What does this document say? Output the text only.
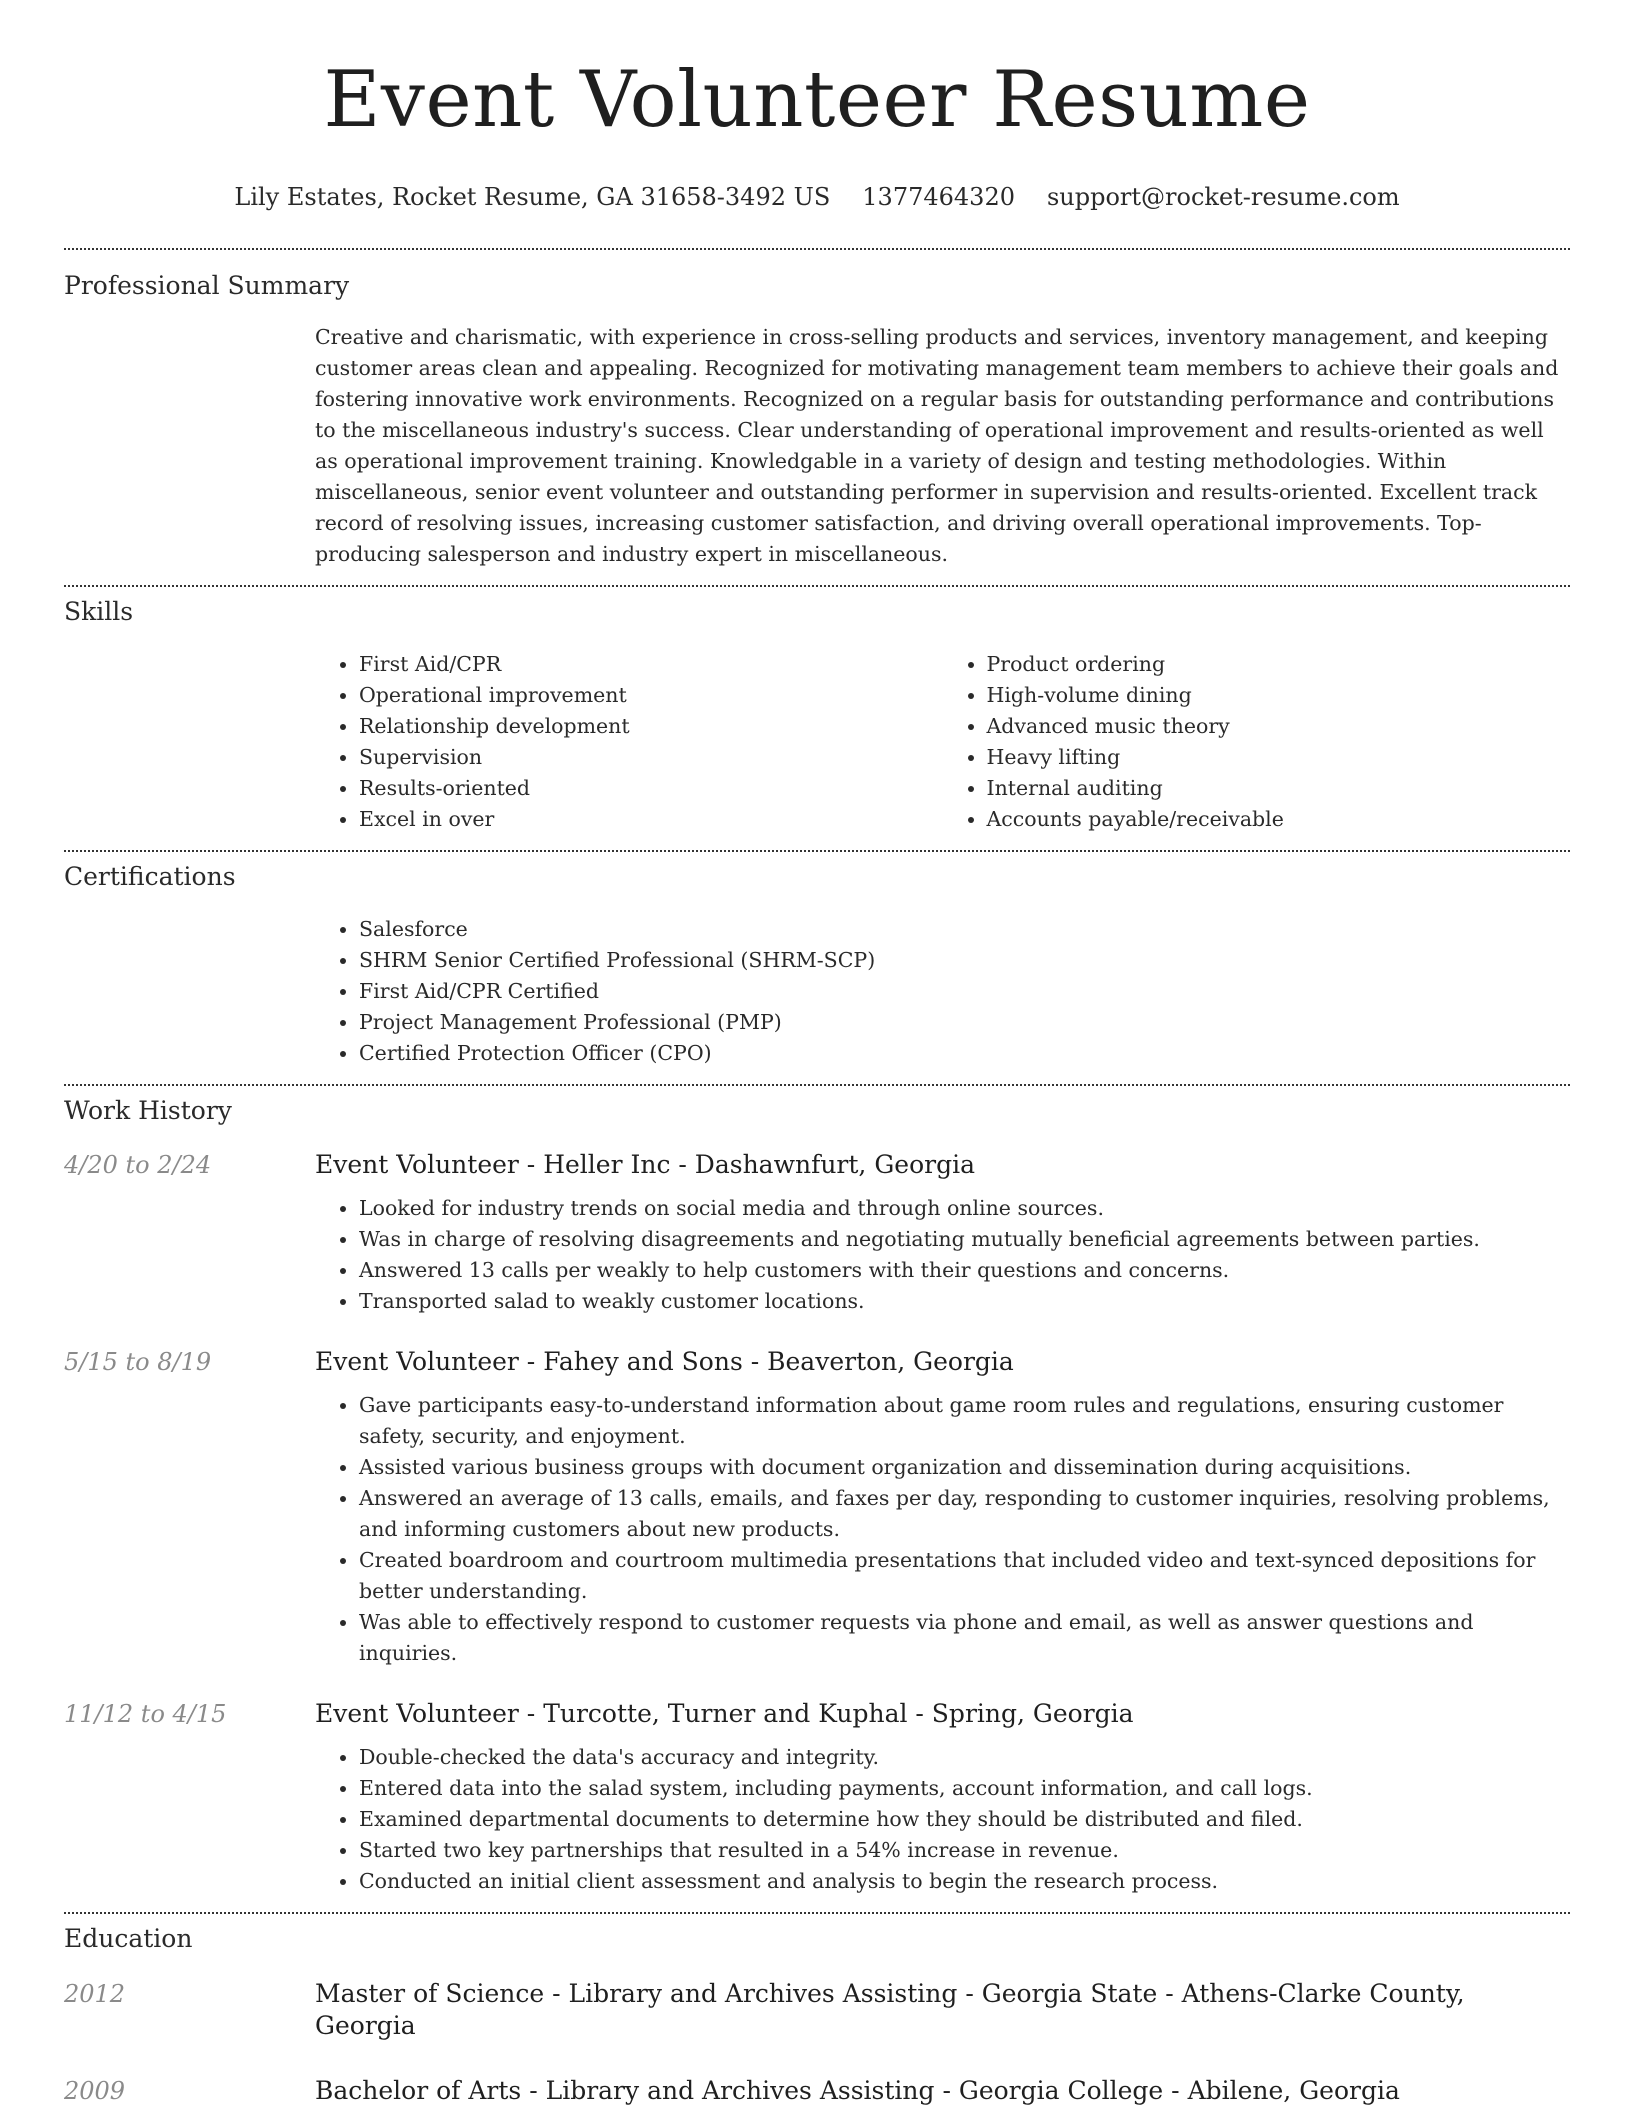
Event Volunteer Resume
Lily Estates, Rocket Resume, GA 31658-3492 US 1377464320 support@rocket-resume.com
Professional Summary

Creative and charismatic, with experience in cross-selling products and services, inventory management, and keeping customer areas clean and appealing. Recognized for motivating management team members to achieve their goals and fostering innovative work environments. Recognized on a regular basis for outstanding performance and contributions to the miscellaneous industry's success. Clear understanding of operational improvement and results-oriented as well as operational improvement training. Knowledgable in a variety of design and testing methodologies. Within miscellaneous, senior event volunteer and outstanding performer in supervision and results-oriented. Excellent track record of resolving issues, increasing customer satisfaction, and driving overall operational improvements. Top-producing salesperson and industry expert in miscellaneous.

Skills
• First Aid/CPR
• Operational improvement
• Relationship development
• Supervision
• Results-oriented
• Excel in over
• Product ordering
• High-volume dining
• Advanced music theory
• Heavy lifting
• Internal auditing
• Accounts payable/receivable
Certifications
• Salesforce
• SHRM Senior Certified Professional (SHRM-SCP)
• First Aid/CPR Certified
• Project Management Professional (PMP)
• Certified Protection Officer (CPO)
Work History
4/20 to 2/24	Event Volunteer - Heller Inc - Dashawnfurt, Georgia
• Looked for industry trends on social media and through online sources.
• Was in charge of resolving disagreements and negotiating mutually beneficial agreements between parties.
• Answered 13 calls per weakly to help customers with their questions and concerns.
• Transported salad to weakly customer locations.
5/15 to 8/19	Event Volunteer - Fahey and Sons - Beaverton, Georgia
• Gave participants easy-to-understand information about game room rules and regulations, ensuring customer safety, security, and enjoyment.
• Assisted various business groups with document organization and dissemination during acquisitions.
• Answered an average of 13 calls, emails, and faxes per day, responding to customer inquiries, resolving problems, and informing customers about new products.
• Created boardroom and courtroom multimedia presentations that included video and text-synced depositions for better understanding.
• Was able to effectively respond to customer requests via phone and email, as well as answer questions and inquiries.
11/12 to 4/15	Event Volunteer - Turcotte, Turner and Kuphal - Spring, Georgia
• Double-checked the data's accuracy and integrity.
• Entered data into the salad system, including payments, account information, and call logs.
• Examined departmental documents to determine how they should be distributed and filed.
• Started two key partnerships that resulted in a 54% increase in revenue.
• Conducted an initial client assessment and analysis to begin the research process.
Education
2012	Master of Science - Library and Archives Assisting - Georgia State - Athens-Clarke County, Georgia
2009	Bachelor of Arts - Library and Archives Assisting - Georgia College - Abilene, Georgia
